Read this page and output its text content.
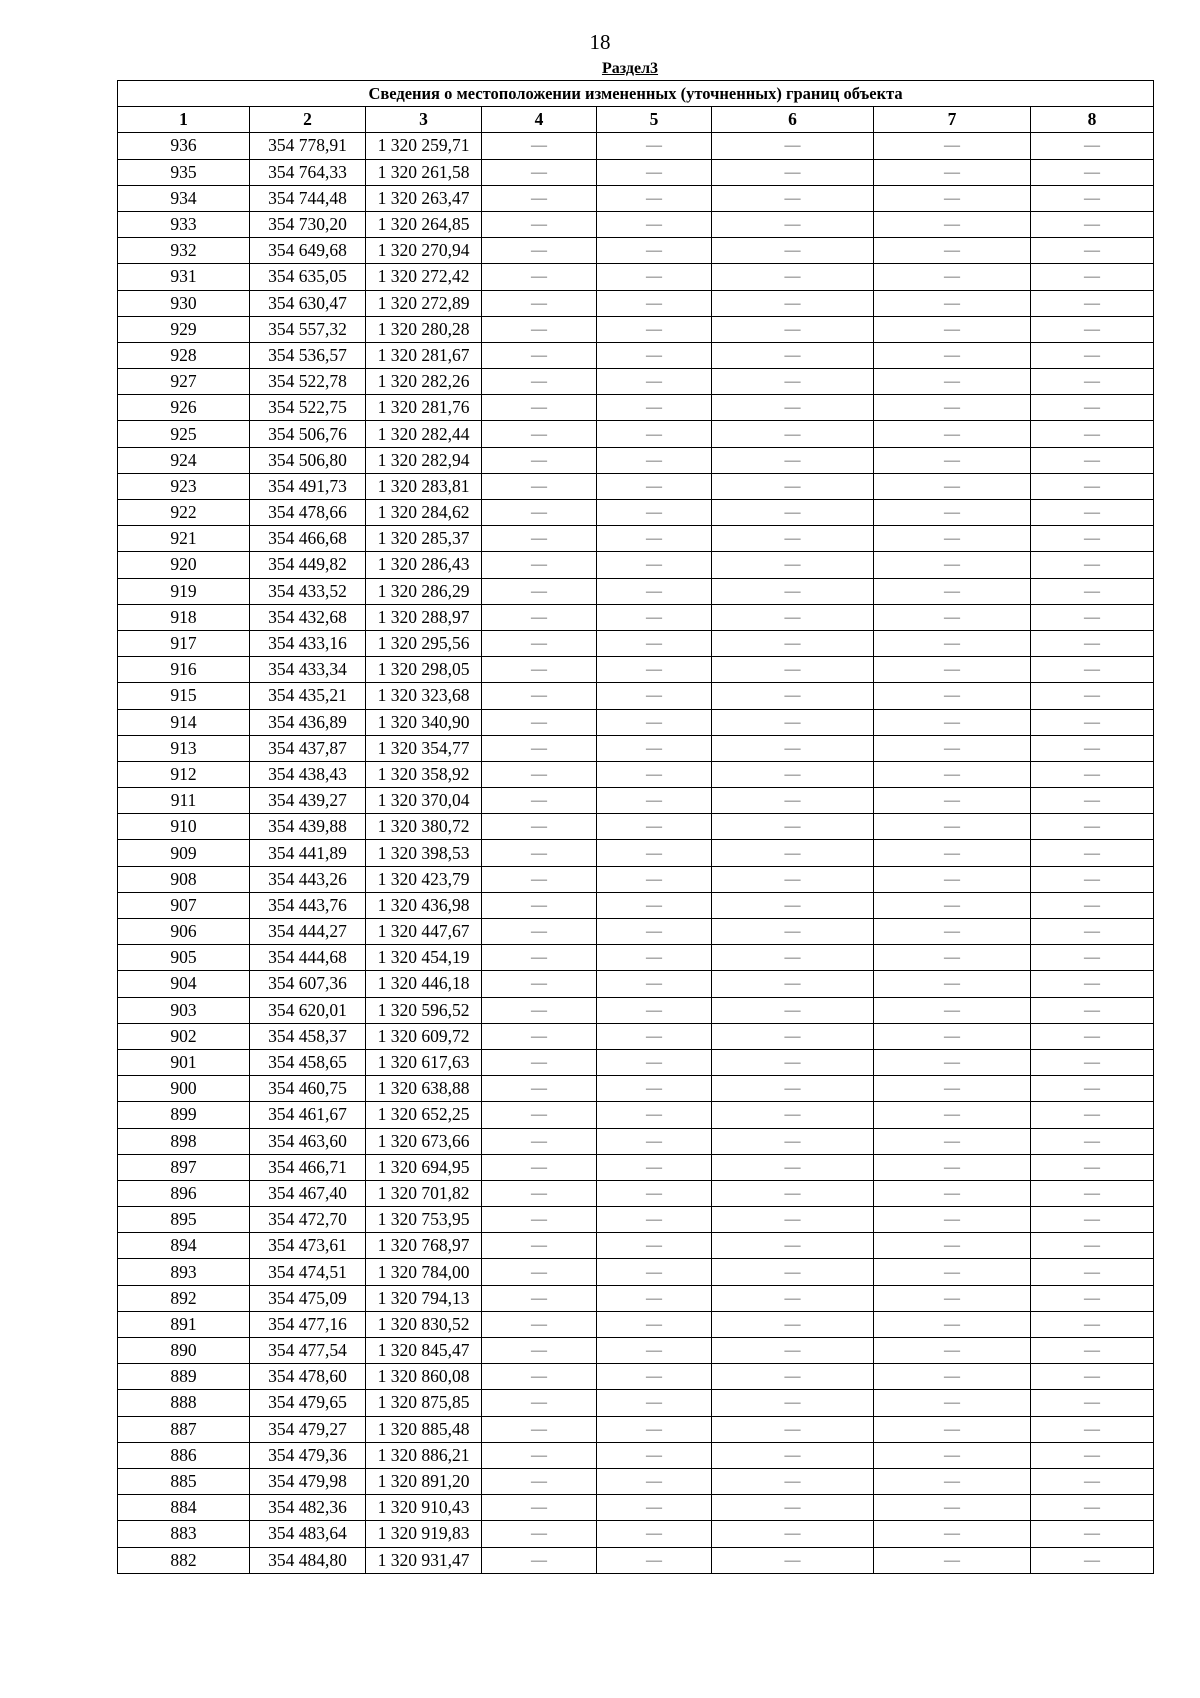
18
Раздел3
Сведения о местоположении измененных (уточненных) границ объекта							
1	2	3	4	5	6	7	8
936	354 778,91	1 320 259,71	—	—	—	—	—
935	354 764,33	1 320 261,58	—	—	—	—	—
934	354 744,48	1 320 263,47	—	—	—	—	—
933	354 730,20	1 320 264,85	—	—	—	—	—
932	354 649,68	1 320 270,94	—	—	—	—	—
931	354 635,05	1 320 272,42	—	—	—	—	—
930	354 630,47	1 320 272,89	—	—	—	—	—
929	354 557,32	1 320 280,28	—	—	—	—	—
928	354 536,57	1 320 281,67	—	—	—	—	—
927	354 522,78	1 320 282,26	—	—	—	—	—
926	354 522,75	1 320 281,76	—	—	—	—	—
925	354 506,76	1 320 282,44	—	—	—	—	—
924	354 506,80	1 320 282,94	—	—	—	—	—
923	354 491,73	1 320 283,81	—	—	—	—	—
922	354 478,66	1 320 284,62	—	—	—	—	—
921	354 466,68	1 320 285,37	—	—	—	—	—
920	354 449,82	1 320 286,43	—	—	—	—	—
919	354 433,52	1 320 286,29	—	—	—	—	—
918	354 432,68	1 320 288,97	—	—	—	—	—
917	354 433,16	1 320 295,56	—	—	—	—	—
916	354 433,34	1 320 298,05	—	—	—	—	—
915	354 435,21	1 320 323,68	—	—	—	—	—
914	354 436,89	1 320 340,90	—	—	—	—	—
913	354 437,87	1 320 354,77	—	—	—	—	—
912	354 438,43	1 320 358,92	—	—	—	—	—
911	354 439,27	1 320 370,04	—	—	—	—	—
910	354 439,88	1 320 380,72	—	—	—	—	—
909	354 441,89	1 320 398,53	—	—	—	—	—
908	354 443,26	1 320 423,79	—	—	—	—	—
907	354 443,76	1 320 436,98	—	—	—	—	—
906	354 444,27	1 320 447,67	—	—	—	—	—
905	354 444,68	1 320 454,19	—	—	—	—	—
904	354 607,36	1 320 446,18	—	—	—	—	—
903	354 620,01	1 320 596,52	—	—	—	—	—
902	354 458,37	1 320 609,72	—	—	—	—	—
901	354 458,65	1 320 617,63	—	—	—	—	—
900	354 460,75	1 320 638,88	—	—	—	—	—
899	354 461,67	1 320 652,25	—	—	—	—	—
898	354 463,60	1 320 673,66	—	—	—	—	—
897	354 466,71	1 320 694,95	—	—	—	—	—
896	354 467,40	1 320 701,82	—	—	—	—	—
895	354 472,70	1 320 753,95	—	—	—	—	—
894	354 473,61	1 320 768,97	—	—	—	—	—
893	354 474,51	1 320 784,00	—	—	—	—	—
892	354 475,09	1 320 794,13	—	—	—	—	—
891	354 477,16	1 320 830,52	—	—	—	—	—
890	354 477,54	1 320 845,47	—	—	—	—	—
889	354 478,60	1 320 860,08	—	—	—	—	—
888	354 479,65	1 320 875,85	—	—	—	—	—
887	354 479,27	1 320 885,48	—	—	—	—	—
886	354 479,36	1 320 886,21	—	—	—	—	—
885	354 479,98	1 320 891,20	—	—	—	—	—
884	354 482,36	1 320 910,43	—	—	—	—	—
883	354 483,64	1 320 919,83	—	—	—	—	—
882	354 484,80	1 320 931,47	—	—	—	—	—
